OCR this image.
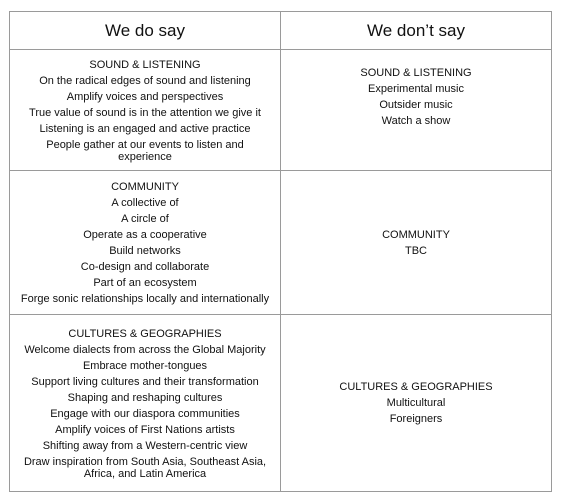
We do say	We don’t say
SOUND & LISTENING
On the radical edges of sound and listening
Amplify voices and perspectives
True value of sound is in the attention we give it
Listening is an engaged and active practice
People gather at our events to listen and experience
SOUND & LISTENING
Experimental music
Outsider music
Watch a show
COMMUNITY
A collective of
A circle of
Operate as a cooperative
Build networks
Co-design and collaborate
Part of an ecosystem
Forge sonic relationships locally and internationally
COMMUNITY
TBC
CULTURES & GEOGRAPHIES
Welcome dialects from across the Global Majority
Embrace mother-tongues
Support living cultures and their transformation
Shaping and reshaping cultures
Engage with our diaspora communities
Amplify voices of First Nations artists
Shifting away from a Western-centric view
Draw inspiration from South Asia, Southeast Asia, Africa, and Latin America
CULTURES & GEOGRAPHIES
Multicultural
Foreigners
